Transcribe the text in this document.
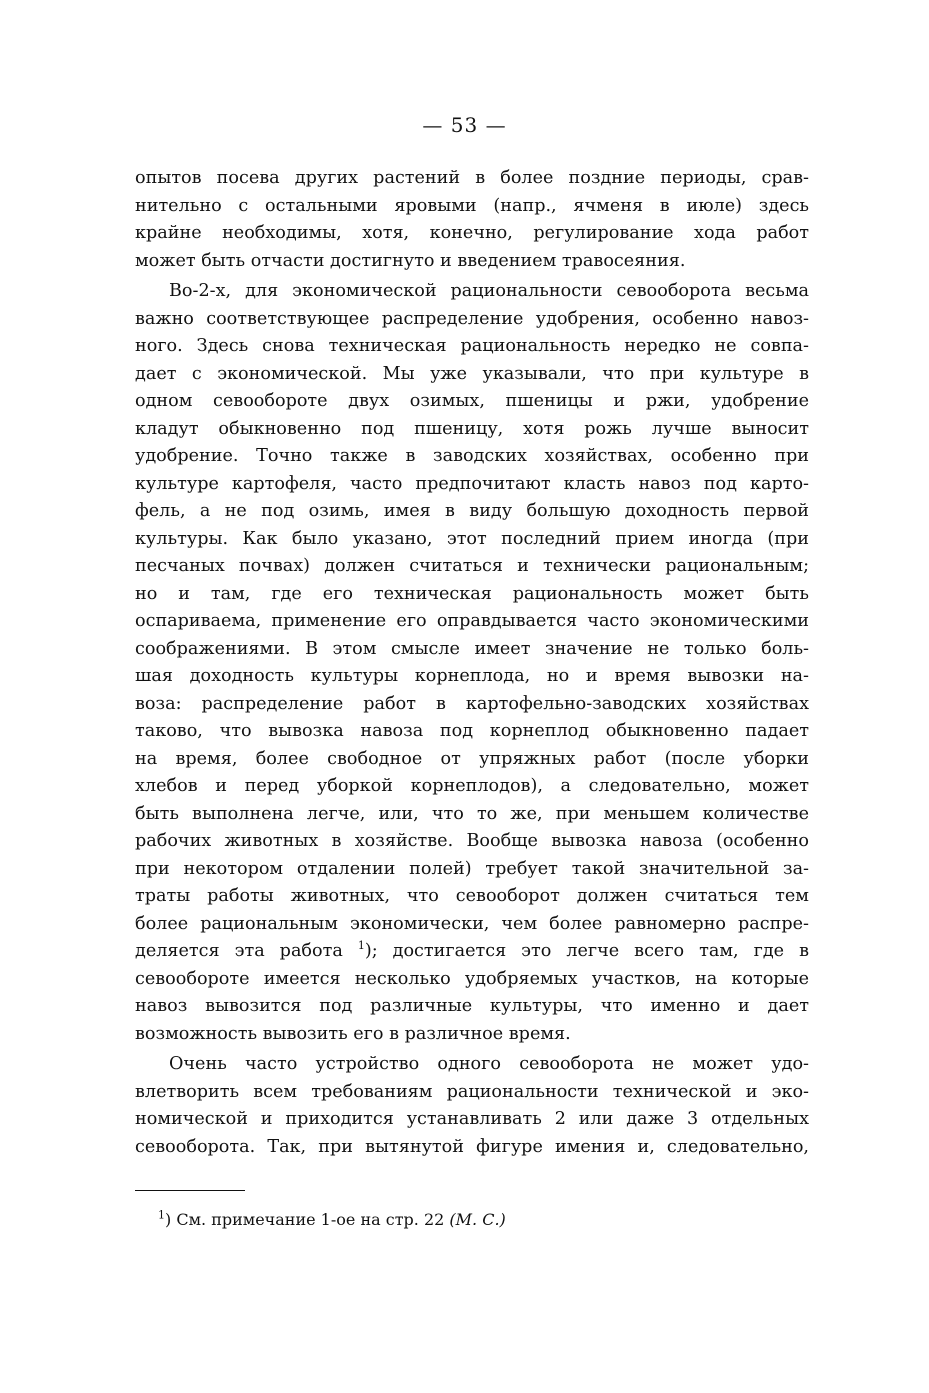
— 53 —
опытов посева других растений в более поздние периоды, срав-
нительно с остальными яровыми (напр., ячменя в июле) здесь
крайне необходимы, хотя, конечно, регулирование хода работ
может быть отчасти достигнуто и введением травосеяния.
Во-2-х, для экономической рациональности севооборота весьма
важно соответствующее распределение удобрения, особенно навоз-
ного. Здесь снова техническая рациональность нередко не совпа-
дает с экономической. Мы уже указывали, что при культуре в
одном севообороте двух озимых, пшеницы и ржи, удобрение
кладут обыкновенно под пшеницу, хотя рожь лучше выносит
удобрение. Точно также в заводских хозяйствах, особенно при
культуре картофеля, часто предпочитают класть навоз под карто-
фель, а не под озимь, имея в виду большую доходность первой
культуры. Как было указано, этот последний прием иногда (при
песчаных почвах) должен считаться и технически рациональным;
но и там, где его техническая рациональность может быть
оспариваема, применение его оправдывается часто экономическими
соображениями. В этом смысле имеет значение не только боль-
шая доходность культуры корнеплода, но и время вывозки на-
воза: распределение работ в картофельно-заводских хозяйствах
таково, что вывозка навоза под корнеплод обыкновенно падает
на время, более свободное от упряжных работ (после уборки
хлебов и перед уборкой корнеплодов), а следовательно, может
быть выполнена легче, или, что то же, при меньшем количестве
рабочих животных в хозяйстве. Вообще вывозка навоза (особенно
при некотором отдалении полей) требует такой значительной за-
траты работы животных, что севооборот должен считаться тем
более рациональным экономически, чем более равномерно распре-
деляется эта работа $^1$); достигается это легче всего там, где в
севообороте имеется несколько удобряемых участков, на которые
навоз вывозится под различные культуры, что именно и дает
возможность вывозить его в различное время.
Очень часто устройство одного севооборота не может удо-
влетворить всем требованиям рациональности технической и эко-
номической и приходится устанавливать 2 или даже 3 отдельных
севооборота. Так, при вытянутой фигуре имения и, следовательно,
$^1$) См. примечание 1-ое на стр. 22 (М. С.)
